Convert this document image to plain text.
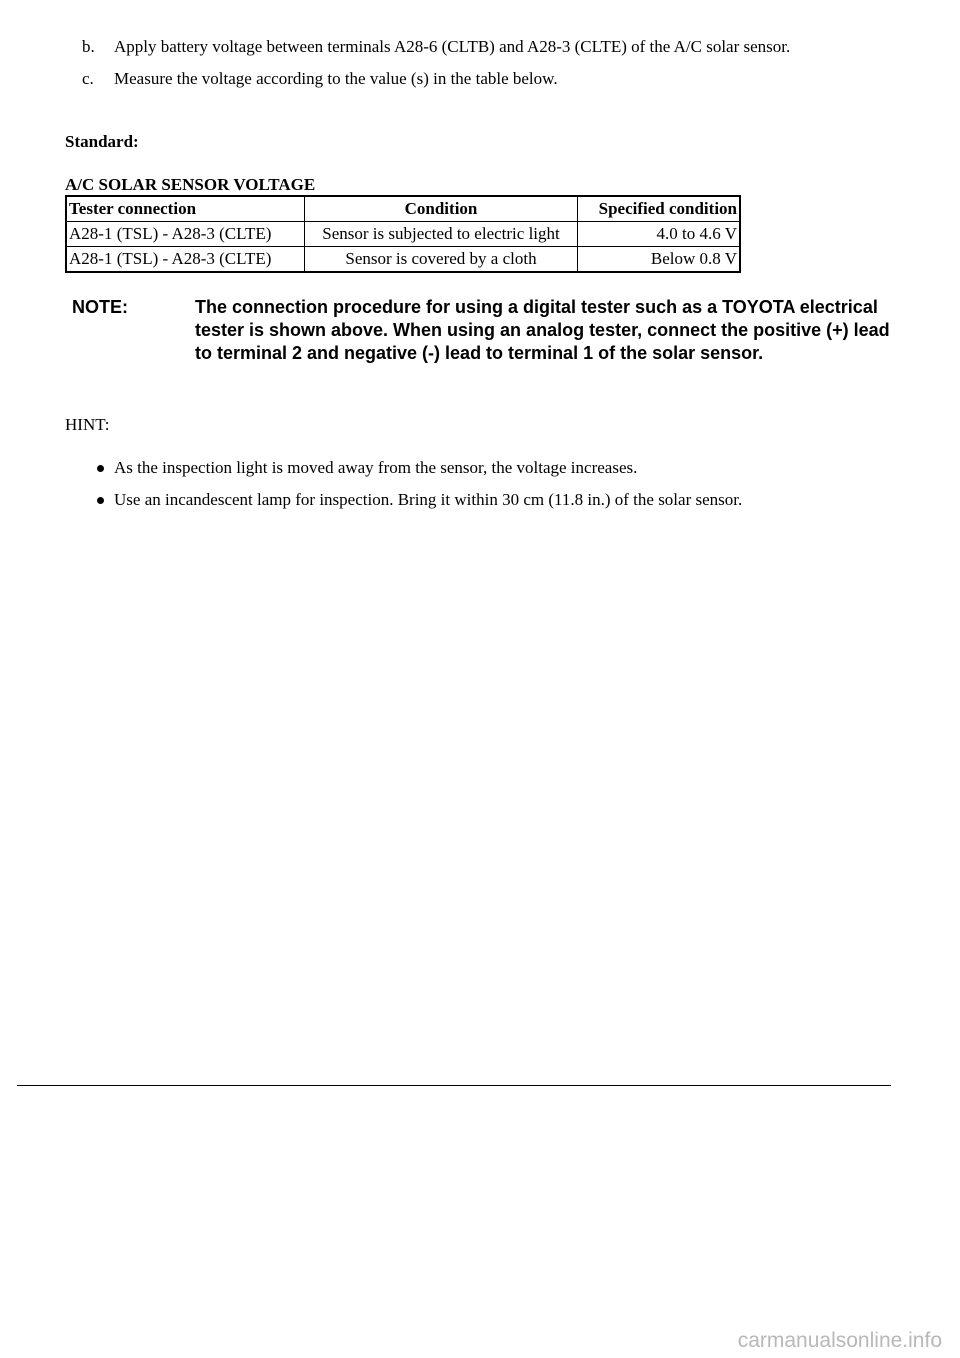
b.	Apply battery voltage between terminals A28-6 (CLTB) and A28-3 (CLTE) of the A/C solar sensor.
c.	Measure the voltage according to the value (s) in the table below.

Standard:

A/C SOLAR SENSOR VOLTAGE

Tester connection	Condition	Specified condition
A28-1 (TSL) - A28-3 (CLTE)	Sensor is subjected to electric light	4.0 to 4.6 V
A28-1 (TSL) - A28-3 (CLTE)	Sensor is covered by a cloth	Below 0.8 V
NOTE:	The connection procedure for using a digital tester such as a TOYOTA electrical tester is shown above. When using an analog tester, connect the positive (+) lead to terminal 2 and negative (-) lead to terminal 1 of the solar sensor.

HINT:

As the inspection light is moved away from the sensor, the voltage increases.
Use an incandescent lamp for inspection. Bring it within 30 cm (11.8 in.) of the solar sensor.
carmanualsonline.info
